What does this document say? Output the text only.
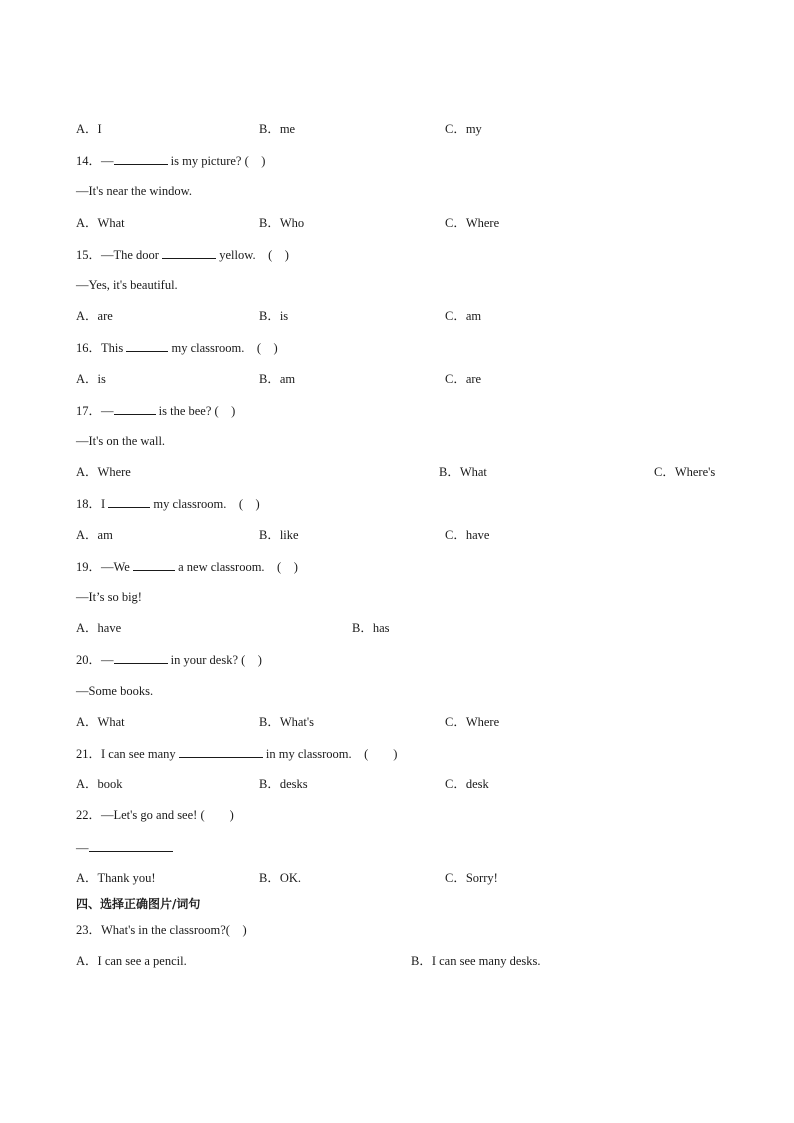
A．I	B．me	C．my
14．—	is my picture? (　)
—It's near the window.
A．What	B．Who	C．Where
15．—The door	yellow.　(　)
—Yes, it's beautiful.
A．are	B．is	C．am
16．This	my classroom.　(　)
A．is	B．am	C．are
17．—	is the bee? (　)
—It's on the wall.
A．Where	B．What	C．Where's
18．I	my classroom.　(　)
A．am	B．like	C．have
19．—We	a new classroom.　(　)
—It’s so big!
A．have	B．has
20．—	in your desk? (　)
—Some books.
A．What	B．What's	C．Where
21．I can see many	in my classroom.　(　　)
A．book	B．desks	C．desk
22．—Let's go and see! (　　)
—
A．Thank you!	B．OK.	C．Sorry!
四、选择正确图片/词句
23．What's in the classroom?(　)
A．I can see a pencil.	B．I can see many desks.
